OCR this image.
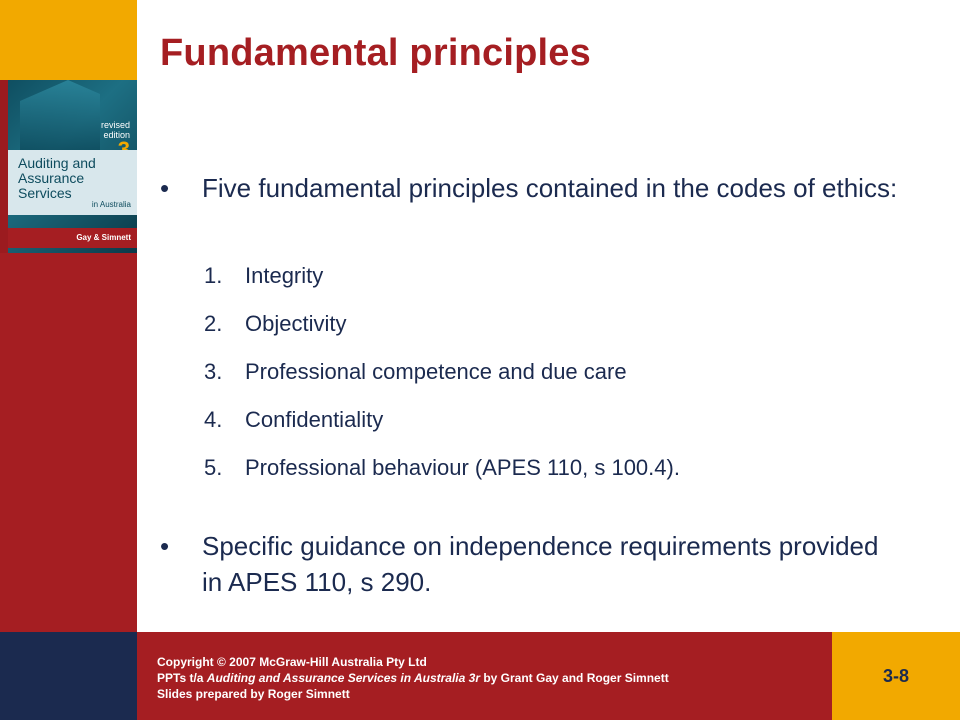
revised
edition
Auditing and Assurance Services
in Australia
Gay & Simnett
Fundamental principles
•	Five fundamental principles contained in the codes of ethics:
1.	Integrity
2.	Objectivity
3.	Professional competence and due care
4.	Confidentiality
5.	Professional behaviour (APES 110, s 100.4).
•	Specific guidance on independence requirements provided in APES 110, s 290.
Copyright © 2007 McGraw-Hill Australia Pty Ltd
PPTs t/a Auditing and Assurance Services in Australia 3r by Grant Gay and Roger Simnett
Slides prepared by Roger Simnett
3-8
